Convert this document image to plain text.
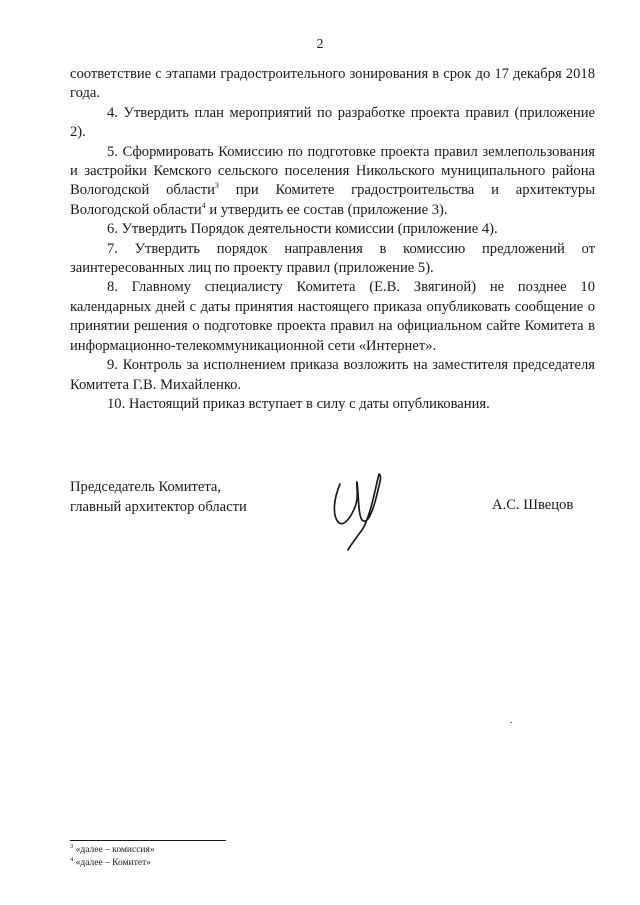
2

соответствие с этапами градостроительного зонирования в срок до 17 декабря 2018 года.

4. Утвердить план мероприятий по разработке проекта правил (приложение 2).

5. Сформировать Комиссию по подготовке проекта правил землепользования и застройки Кемского сельского поселения Никольского муниципального района Вологодской области$^3$ при Комитете градостроительства и архитектуры Вологодской области$^4$ и утвердить ее состав (приложение 3).

6. Утвердить Порядок деятельности комиссии (приложение 4).

7. Утвердить порядок направления в комиссию предложений от заинтересованных лиц по проекту правил (приложение 5).

8. Главному специалисту Комитета (Е.В. Звягиной) не позднее 10 календарных дней с даты принятия настоящего приказа опубликовать сообщение о принятии решения о подготовке проекта правил на официальном сайте Комитета в информационно-телекоммуникационной сети «Интернет».

9. Контроль за исполнением приказа возложить на заместителя председателя Комитета Г.В. Михайленко.

10. Настоящий приказ вступает в силу с даты опубликования.

Председатель Комитета,
главный архитектор области	А.С. Швецов
$^3$ «далее – комиссия»
$^4$ «далее – Комитет»
